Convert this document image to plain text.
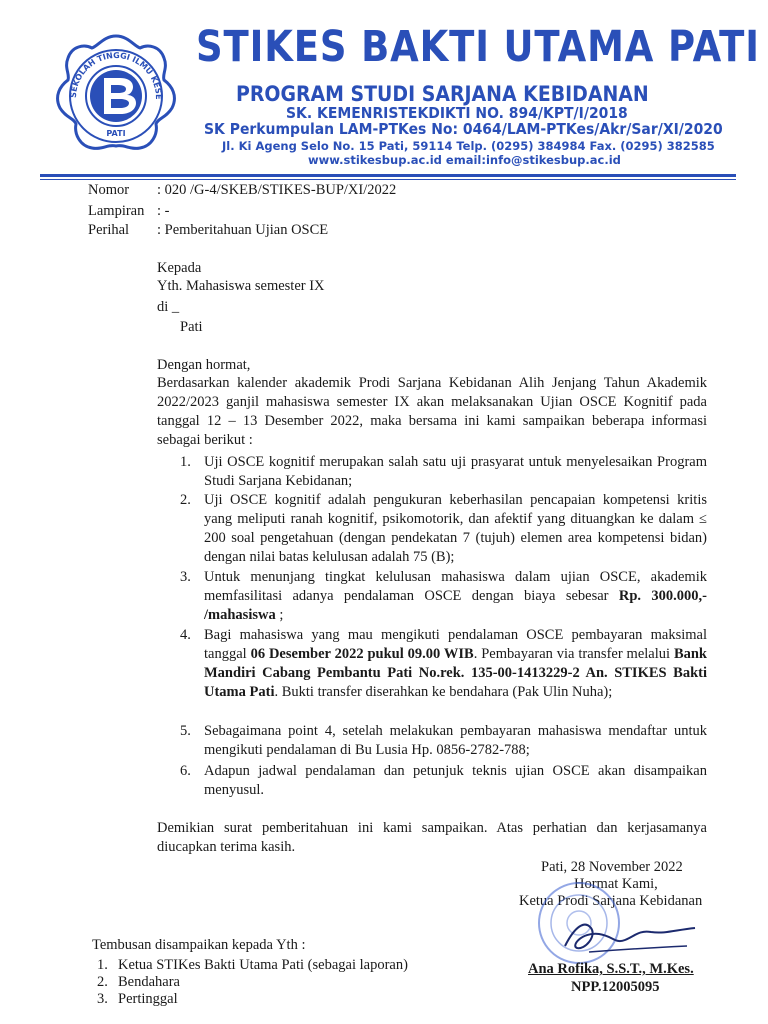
SEKOLAH TINGGI ILMU KESE
PATI
STIKES BAKTI UTAMA PATI
PROGRAM STUDI SARJANA KEBIDANAN
SK. KEMENRISTEKDIKTI NO. 894/KPT/I/2018
SK Perkumpulan LAM-PTKes No: 0464/LAM-PTKes/Akr/Sar/XI/2020
Jl. Ki Ageng Selo No. 15 Pati, 59114 Telp. (0295) 384984 Fax. (0295) 382585
www.stikesbup.ac.id email:info@stikesbup.ac.id
Nomor : 020 /G-4/SKEB/STIKES-BUP/XI/2022
Lampiran : -
Perihal : Pemberitahuan Ujian OSCE
Kepada
Yth. Mahasiswa semester IX
di _
Pati
Dengan hormat,
Berdasarkan kalender akademik Prodi Sarjana Kebidanan Alih Jenjang Tahun Akademik 2022/2023 ganjil mahasiswa semester IX akan melaksanakan Ujian OSCE Kognitif pada tanggal 12 – 13 Desember 2022, maka bersama ini kami sampaikan beberapa informasi sebagai berikut :
1. Uji OSCE kognitif merupakan salah satu uji prasyarat untuk menyelesaikan Program Studi Sarjana Kebidanan;
2. Uji OSCE kognitif adalah pengukuran keberhasilan pencapaian kompetensi kritis yang meliputi ranah kognitif, psikomotorik, dan afektif yang dituangkan ke dalam ≤ 200 soal pengetahuan (dengan pendekatan 7 (tujuh) elemen area kompetensi bidan) dengan nilai batas kelulusan adalah 75 (B);
3. Untuk menunjang tingkat kelulusan mahasiswa dalam ujian OSCE, akademik memfasilitasi adanya pendalaman OSCE dengan biaya sebesar Rp. 300.000,- /mahasiswa ;
4. Bagi mahasiswa yang mau mengikuti pendalaman OSCE pembayaran maksimal tanggal 06 Desember 2022 pukul 09.00 WIB. Pembayaran via transfer melalui Bank Mandiri Cabang Pembantu Pati No.rek. 135-00-1413229-2 An. STIKES Bakti Utama Pati. Bukti transfer diserahkan ke bendahara (Pak Ulin Nuha);
5. Sebagaimana point 4, setelah melakukan pembayaran mahasiswa mendaftar untuk mengikuti pendalaman di Bu Lusia Hp. 0856-2782-788;
6. Adapun jadwal pendalaman dan petunjuk teknis ujian OSCE akan disampaikan menyusul.
Demikian surat pemberitahuan ini kami sampaikan. Atas perhatian dan kerjasamanya diucapkan terima kasih.
Pati, 28 November 2022
Hormat Kami,
Ketua Prodi Sarjana Kebidanan
Ana Rofika, S.S.T., M.Kes.
NPP.12005095
Tembusan disampaikan kepada Yth :
1. Ketua STIKes Bakti Utama Pati (sebagai laporan)
2. Bendahara
3. Pertinggal
